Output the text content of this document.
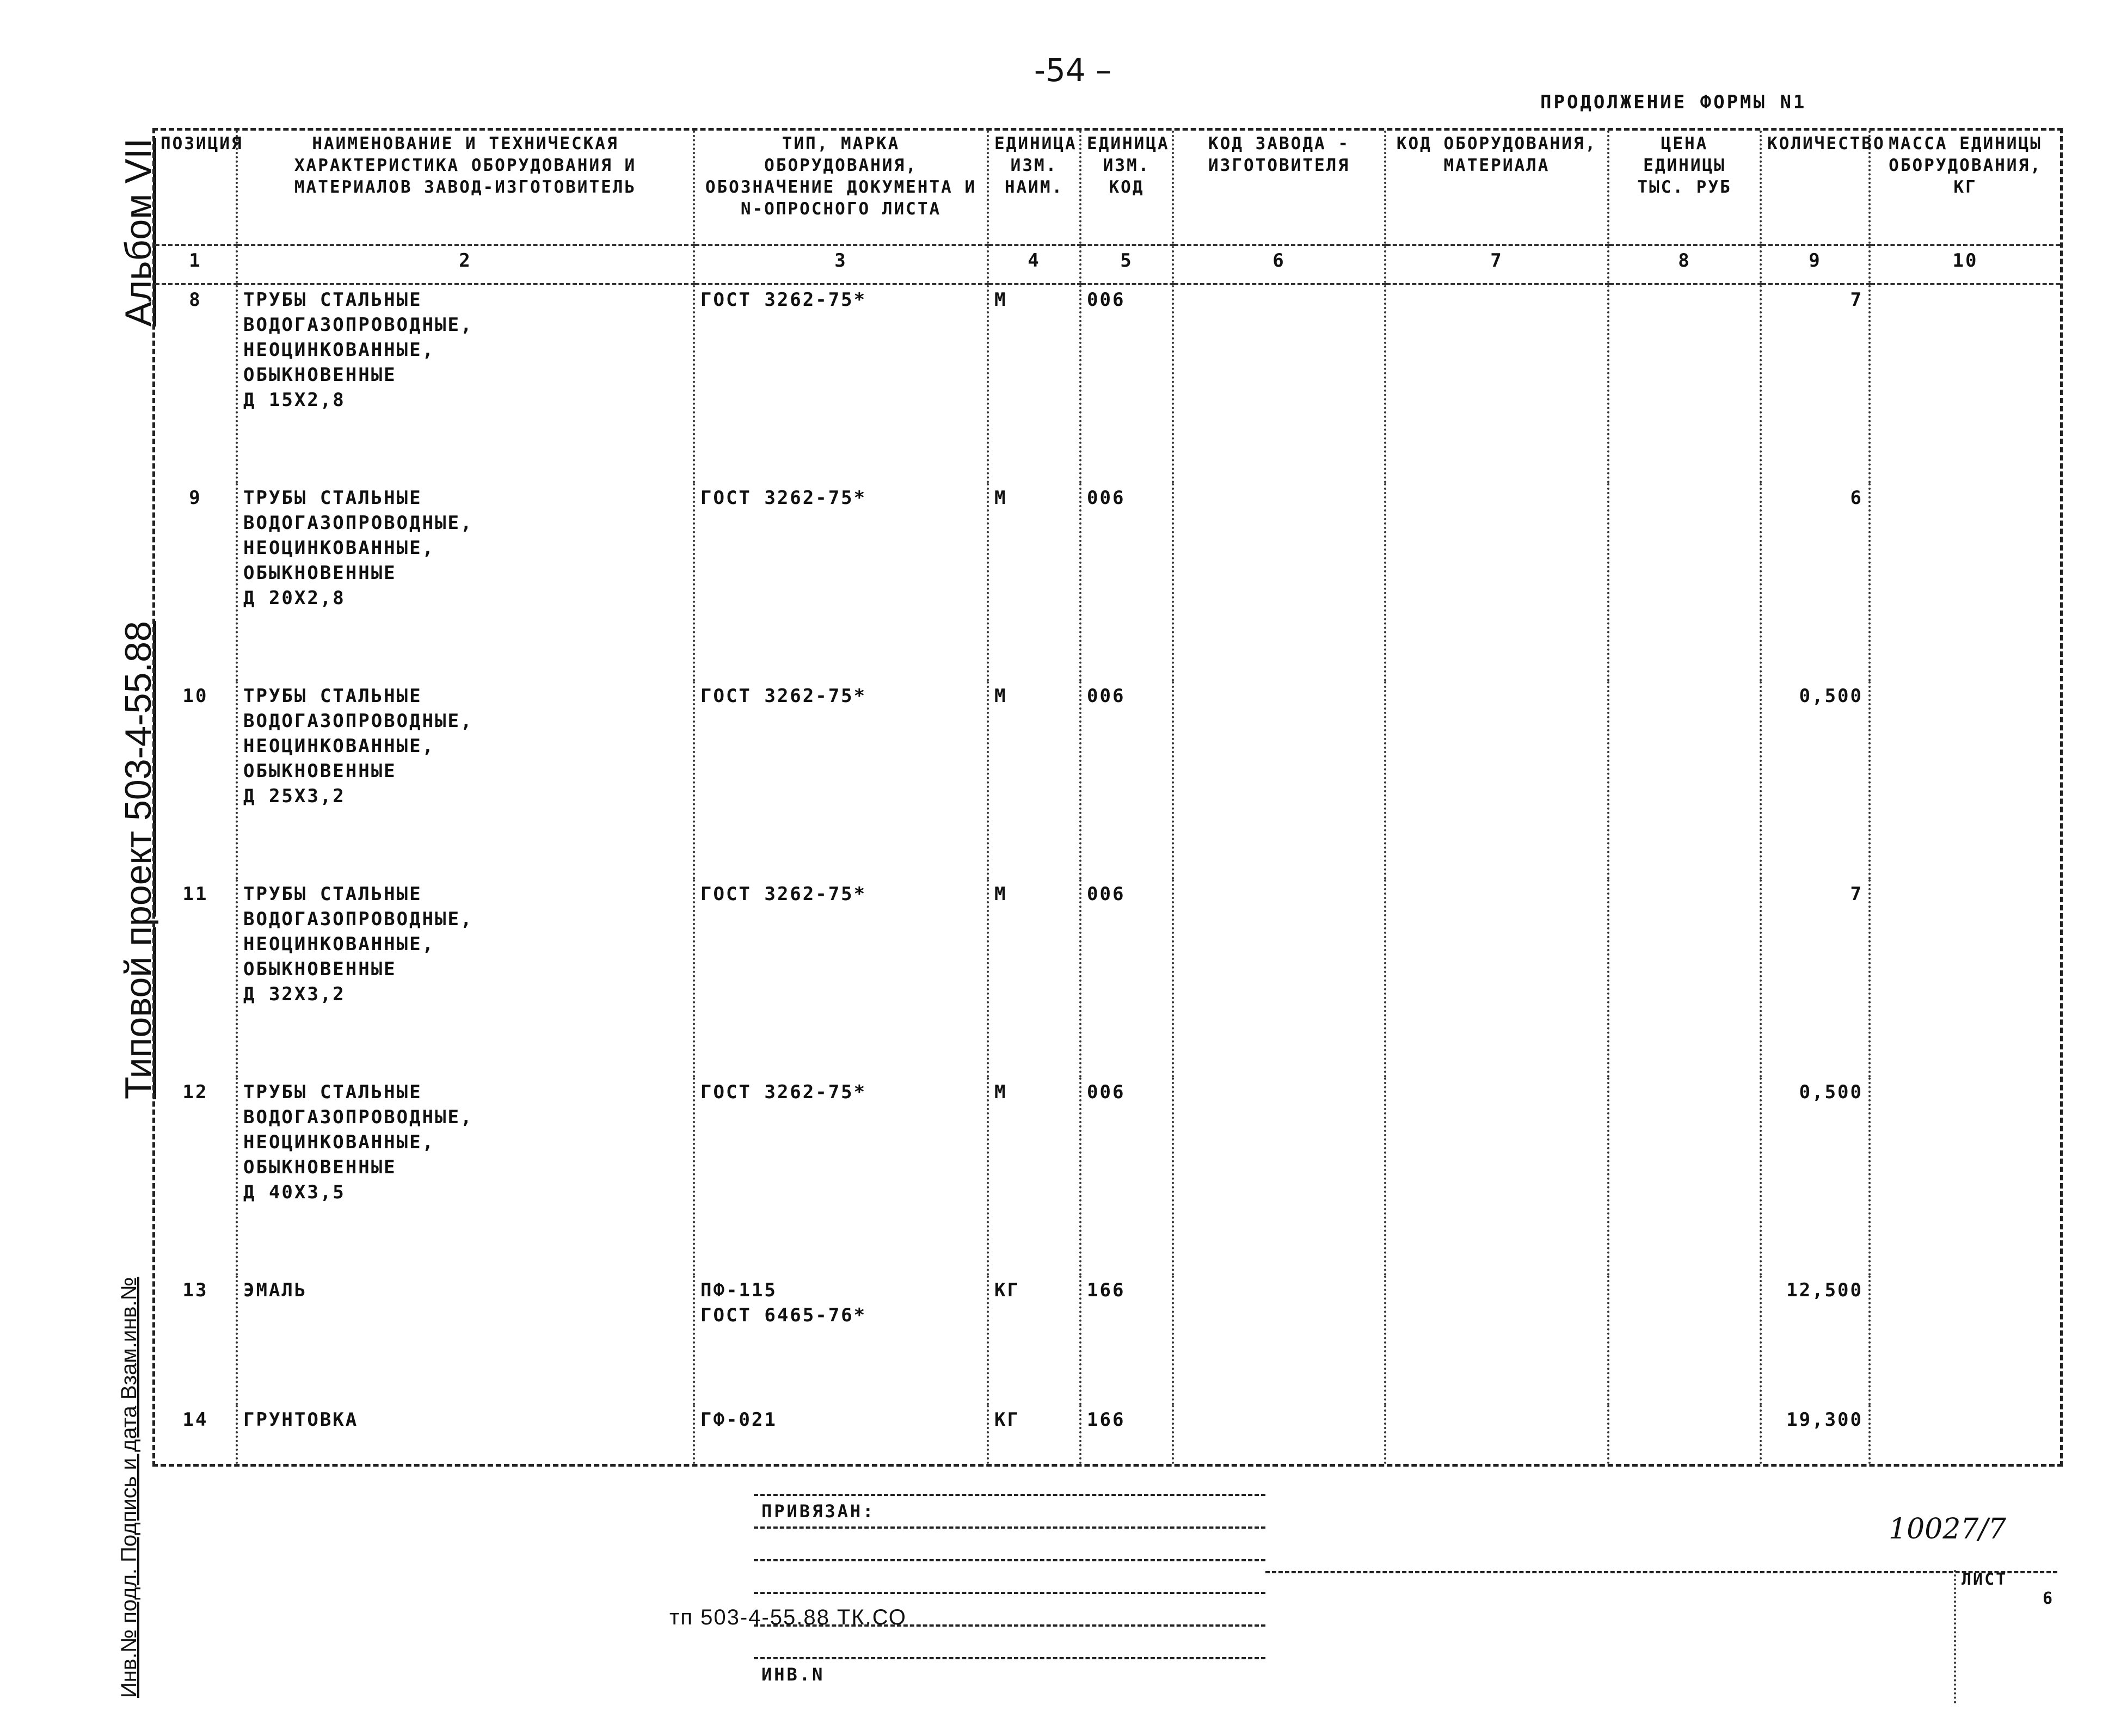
-54 –
ПРОДОЛЖЕНИЕ ФОРМЫ N1
Альбом VII
Типовой проект 503-4-55.88
Инв.№ подл. Подпись и дата Взам.инв.№
ПОЗИЦИЯ	НАИМЕНОВАНИЕ И ТЕХНИЧЕСКАЯ ХАРАКТЕРИСТИКА ОБОРУДОВАНИЯ И МАТЕРИАЛОВ ЗАВОД-ИЗГОТОВИТЕЛЬ	ТИП, МАРКА ОБОРУДОВАНИЯ, ОБОЗНАЧЕНИЕ ДОКУМЕНТА И N-ОПРОСНОГО ЛИСТА	ЕДИНИЦА ИЗМ. НАИМ.	ЕДИНИЦА ИЗМ. КОД	КОД ЗАВОДА - ИЗГОТОВИТЕЛЯ	КОД ОБОРУДОВАНИЯ, МАТЕРИАЛА	ЦЕНА ЕДИНИЦЫ ТЫС. РУБ	КОЛИЧЕСТВО	МАССА ЕДИНИЦЫ ОБОРУДОВАНИЯ, КГ
1	2	3	4	5	6	7	8	9	10
8	ТРУБЫ СТАЛЬНЫЕ
ВОДОГАЗОПРОВОДНЫЕ,
НЕОЦИНКОВАННЫЕ,
ОБЫКНОВЕННЫЕ
Д 15Х2,8	ГОСТ 3262-75*	М	006				7	
9	ТРУБЫ СТАЛЬНЫЕ
ВОДОГАЗОПРОВОДНЫЕ,
НЕОЦИНКОВАННЫЕ,
ОБЫКНОВЕННЫЕ
Д 20Х2,8	ГОСТ 3262-75*	М	006				6	
10	ТРУБЫ СТАЛЬНЫЕ
ВОДОГАЗОПРОВОДНЫЕ,
НЕОЦИНКОВАННЫЕ,
ОБЫКНОВЕННЫЕ
Д 25Х3,2	ГОСТ 3262-75*	М	006				0,500	
11	ТРУБЫ СТАЛЬНЫЕ
ВОДОГАЗОПРОВОДНЫЕ,
НЕОЦИНКОВАННЫЕ,
ОБЫКНОВЕННЫЕ
Д 32Х3,2	ГОСТ 3262-75*	М	006				7	
12	ТРУБЫ СТАЛЬНЫЕ
ВОДОГАЗОПРОВОДНЫЕ,
НЕОЦИНКОВАННЫЕ,
ОБЫКНОВЕННЫЕ
Д 40Х3,5	ГОСТ 3262-75*	М	006				0,500	
13	ЭМАЛЬ	ПФ-115
ГОСТ 6465-76*	КГ	166				12,500	
14	ГРУНТОВКА	ГФ-021	КГ	166				19,300	
ПРИВЯЗАН:
ИНВ.N
тп 503-4-55.88 ТК.СО
10027/7
ЛИСТ
6
